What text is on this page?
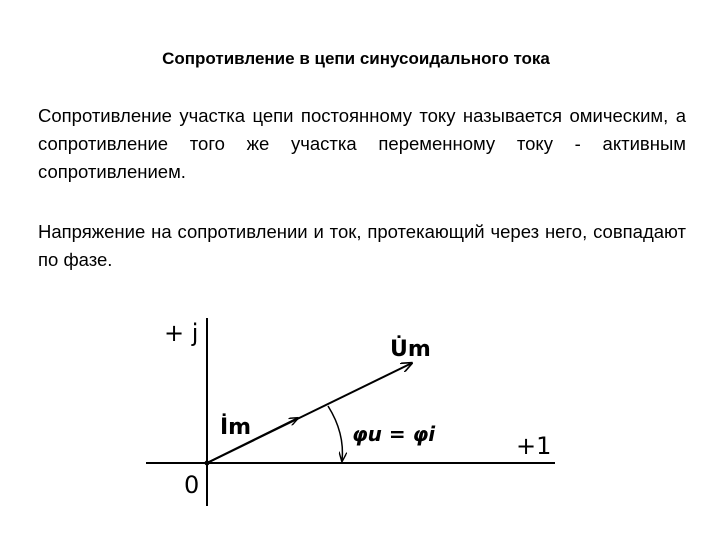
Сопротивление в цепи синусоидального тока
Сопротивление участка цепи постоянному току называется омическим, а сопротивление того же участка переменному току - активным сопротивлением.
Напряжение на сопротивлении и ток, протекающий через него, совпадают по фазе.
+ j
+1
0
U̇m
İm	φu = φi
